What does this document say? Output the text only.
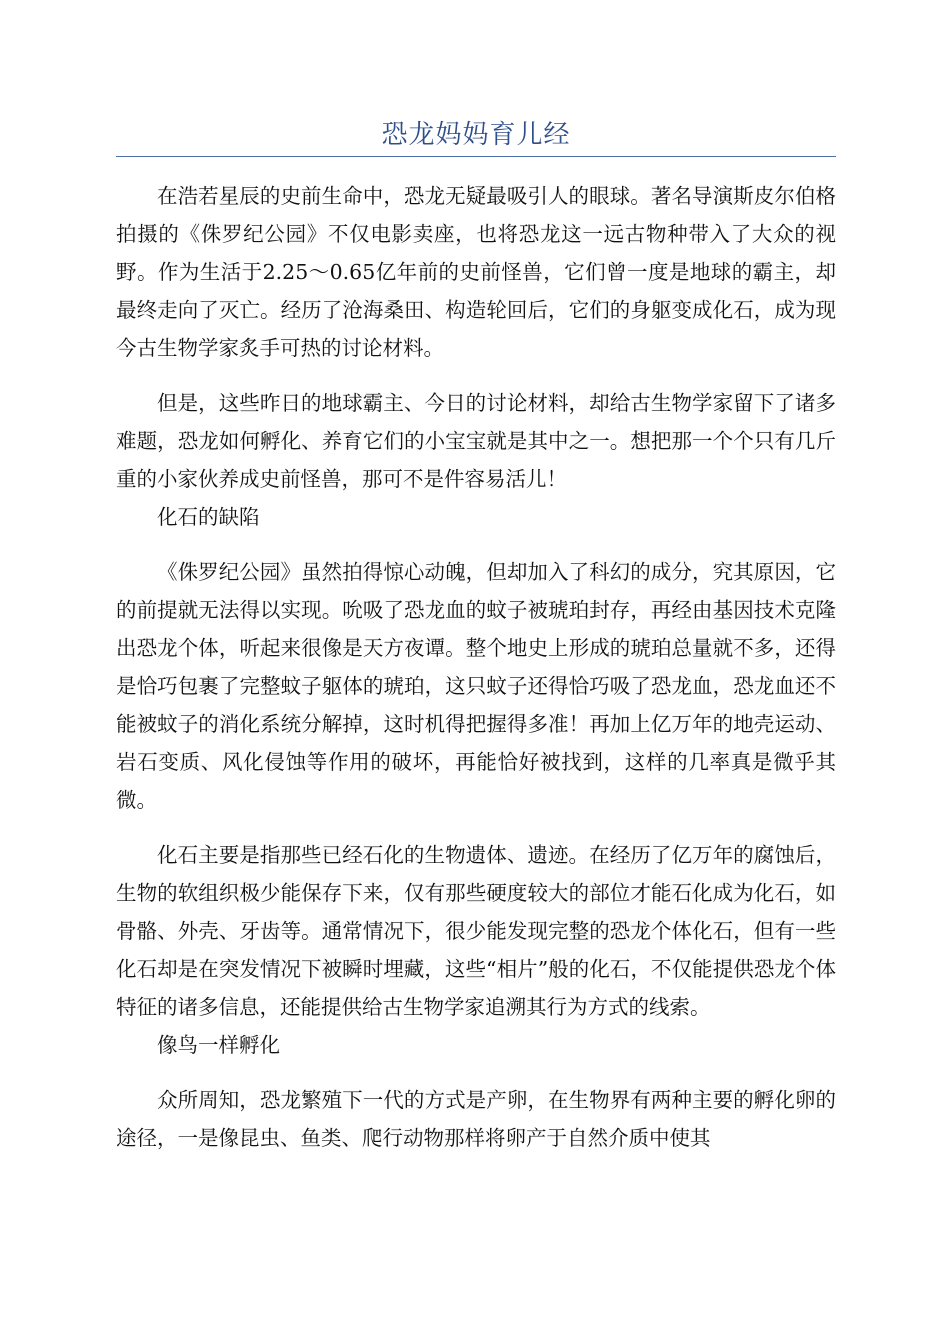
恐龙妈妈育儿经

在浩若星辰的史前生命中，恐龙无疑最吸引人的眼球。著名导演斯皮尔伯格拍摄的《侏罗纪公园》不仅电影卖座，也将恐龙这一远古物种带入了大众的视野。作为生活于2.25～0.65亿年前的史前怪兽，它们曾一度是地球的霸主，却最终走向了灭亡。经历了沧海桑田、构造轮回后，它们的身躯变成化石，成为现今古生物学家炙手可热的讨论材料。

但是，这些昨日的地球霸主、今日的讨论材料，却给古生物学家留下了诸多难题，恐龙如何孵化、养育它们的小宝宝就是其中之一。想把那一个个只有几斤重的小家伙养成史前怪兽，那可不是件容易活儿！

化石的缺陷

《侏罗纪公园》虽然拍得惊心动魄，但却加入了科幻的成分，究其原因，它的前提就无法得以实现。吮吸了恐龙血的蚊子被琥珀封存，再经由基因技术克隆出恐龙个体，听起来很像是天方夜谭。整个地史上形成的琥珀总量就不多，还得是恰巧包裹了完整蚊子躯体的琥珀，这只蚊子还得恰巧吸了恐龙血，恐龙血还不能被蚊子的消化系统分解掉，这时机得把握得多准！再加上亿万年的地壳运动、岩石变质、风化侵蚀等作用的破坏，再能恰好被找到，这样的几率真是微乎其微。

化石主要是指那些已经石化的生物遗体、遗迹。在经历了亿万年的腐蚀后，生物的软组织极少能保存下来，仅有那些硬度较大的部位才能石化成为化石，如骨骼、外壳、牙齿等。通常情况下，很少能发现完整的恐龙个体化石，但有一些化石却是在突发情况下被瞬时埋藏，这些“相片”般的化石，不仅能提供恐龙个体特征的诸多信息，还能提供给古生物学家追溯其行为方式的线索。

像鸟一样孵化

众所周知，恐龙繁殖下一代的方式是产卵，在生物界有两种主要的孵化卵的途径，一是像昆虫、鱼类、爬行动物那样将卵产于自然介质中使其
